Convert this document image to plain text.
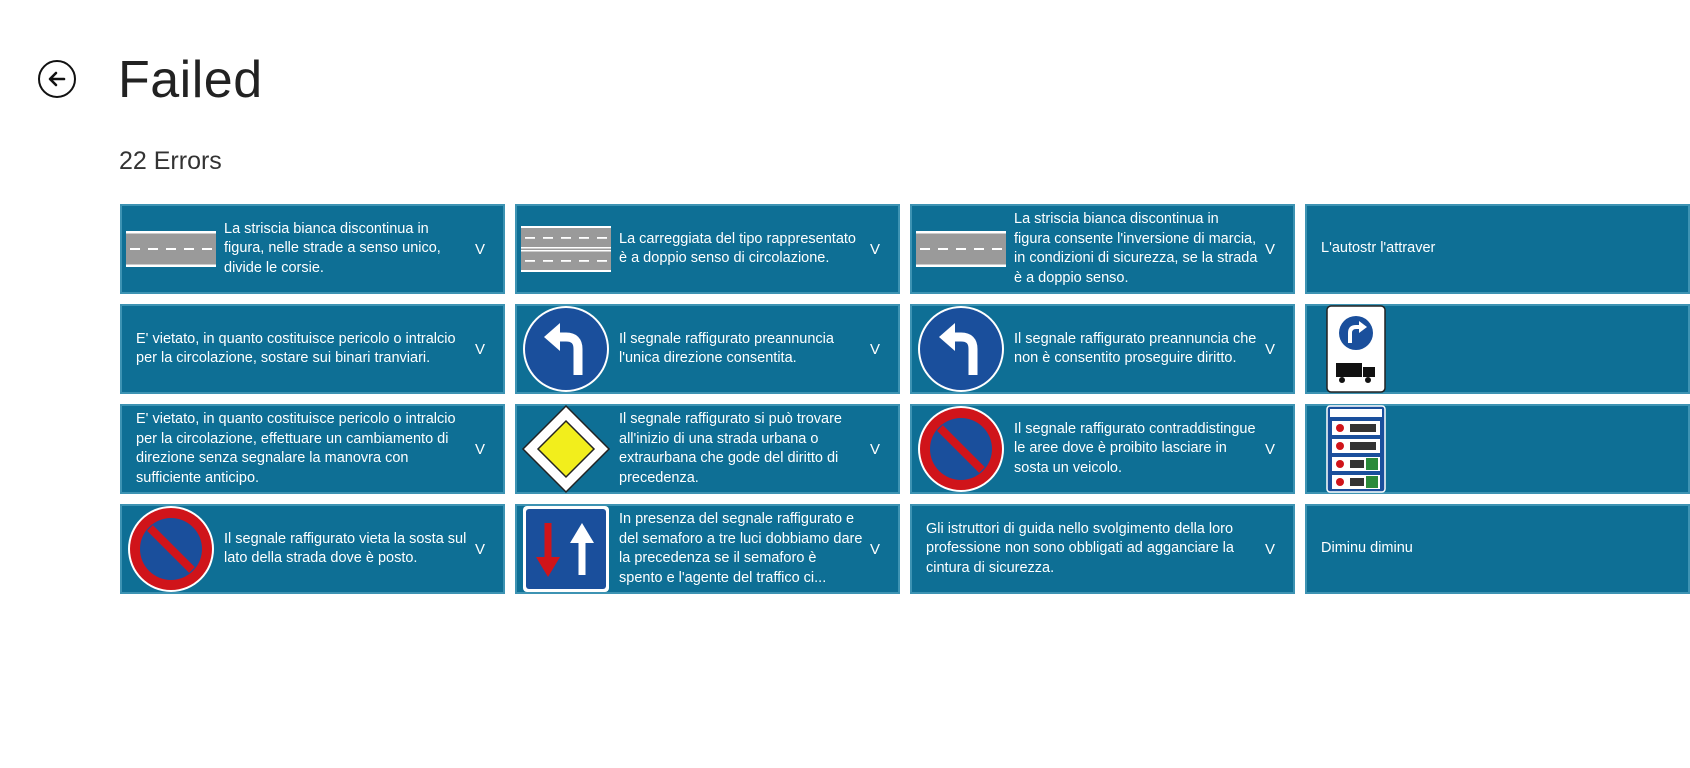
Failed
22 Errors
La striscia bianca discontinua in figura, nelle strade a senso unico, divide le corsie.
V
La carreggiata del tipo rappresentato è a doppio senso di circolazione.
V
La striscia bianca discontinua in figura consente l'inversione di marcia, in condizioni di sicurezza, se la strada è a doppio senso.
V	L'autostr l'attraver
E' vietato, in quanto costituisce pericolo o intralcio per la circolazione, sostare sui binari tranviari.
V
Il segnale raffigurato preannuncia l'unica direzione consentita.
V
Il segnale raffigurato preannuncia che non è consentito proseguire diritto.
V
E' vietato, in quanto costituisce pericolo o intralcio per la circolazione, effettuare un cambiamento di direzione senza segnalare la manovra con sufficiente anticipo.
V
Il segnale raffigurato si può trovare all'inizio di una strada urbana o extraurbana che gode del diritto di precedenza.
V
Il segnale raffigurato contraddistingue le aree dove è proibito lasciare in sosta un veicolo.
V
Il segnale raffigurato vieta la sosta sul lato della strada dove è posto.
V
In presenza del segnale raffigurato e del semaforo a tre luci dobbiamo dare la precedenza se il semaforo è spento e l'agente del traffico ci...
V
Gli istruttori di guida nello svolgimento della loro professione non sono obbligati ad agganciare la cintura di sicurezza.
V	Diminu diminu
